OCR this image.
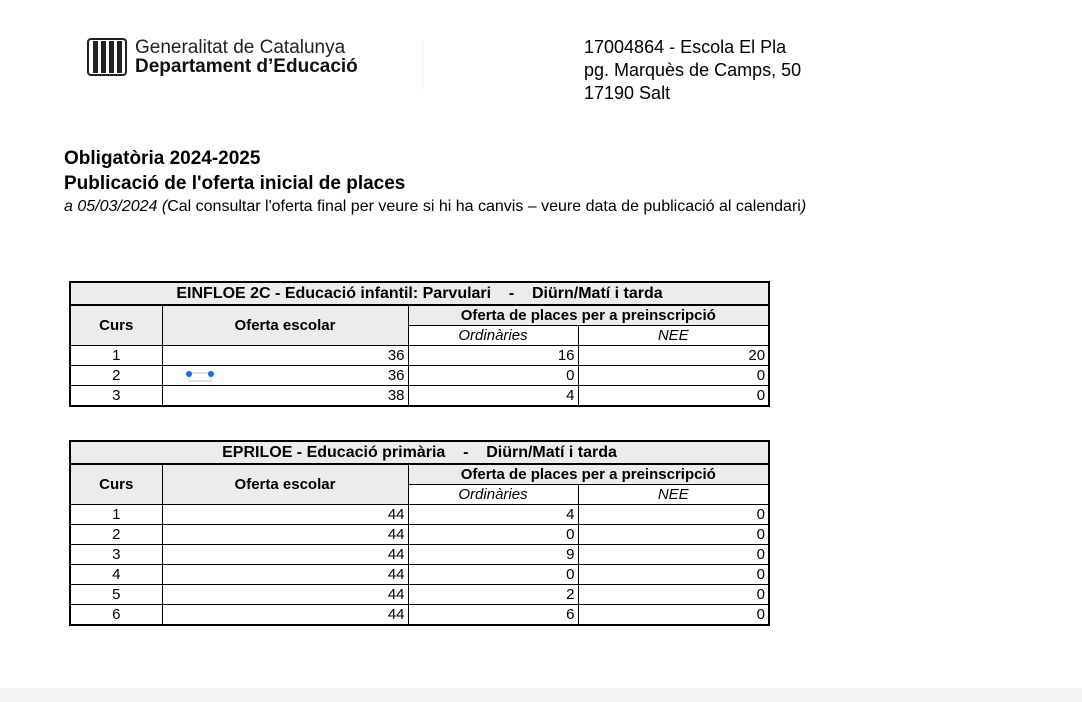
Generalitat de Catalunya
Departament d’Educació
17004864 - Escola El Pla
pg. Marquès de Camps, 50
17190 Salt
Obligatòria 2024-2025
Publicació de l'oferta inicial de places
a 05/03/2024 (Cal consultar l'oferta final per veure si hi ha canvis – veure data de publicació al calendari)
EINFLOE 2C - Educació infantil: Parvulari    -    Diürn/Matí i tarda			
Curs	Oferta escolar	Oferta de places per a preinscripció	
		Ordinàries	NEE
1	36	16	20
2	36	0	0
3	38	4	0
EPRILOE - Educació primària    -    Diürn/Matí i tarda			
Curs	Oferta escolar	Oferta de places per a preinscripció	
		Ordinàries	NEE
1	44	4	0
2	44	0	0
3	44	9	0
4	44	0	0
5	44	2	0
6	44	6	0
